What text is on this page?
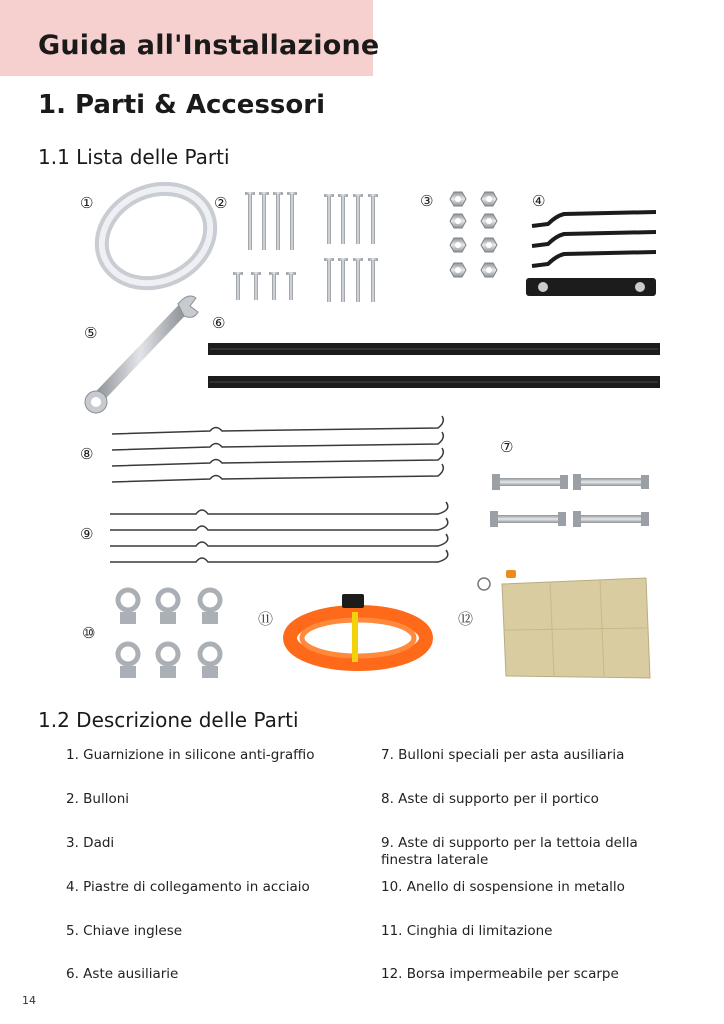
Guida all'Installazione
1. Parti & Accessori
1.1 Lista delle Parti
①	②	③	④
⑤
⑥
⑦
⑧
⑨
⑩
⑪	⑫
1.2 Descrizione delle Parti
1. Guarnizione in silicone anti-graffio
2. Bulloni
3. Dadi
4. Piastre di collegamento in acciaio
5. Chiave inglese
6. Aste ausiliarie
7. Bulloni speciali per asta ausiliaria
8. Aste di supporto per il portico
9. Aste di supporto per la tettoia della finestra laterale
10. Anello di sospensione in metallo
11. Cinghia di limitazione
12. Borsa impermeabile per scarpe
14
